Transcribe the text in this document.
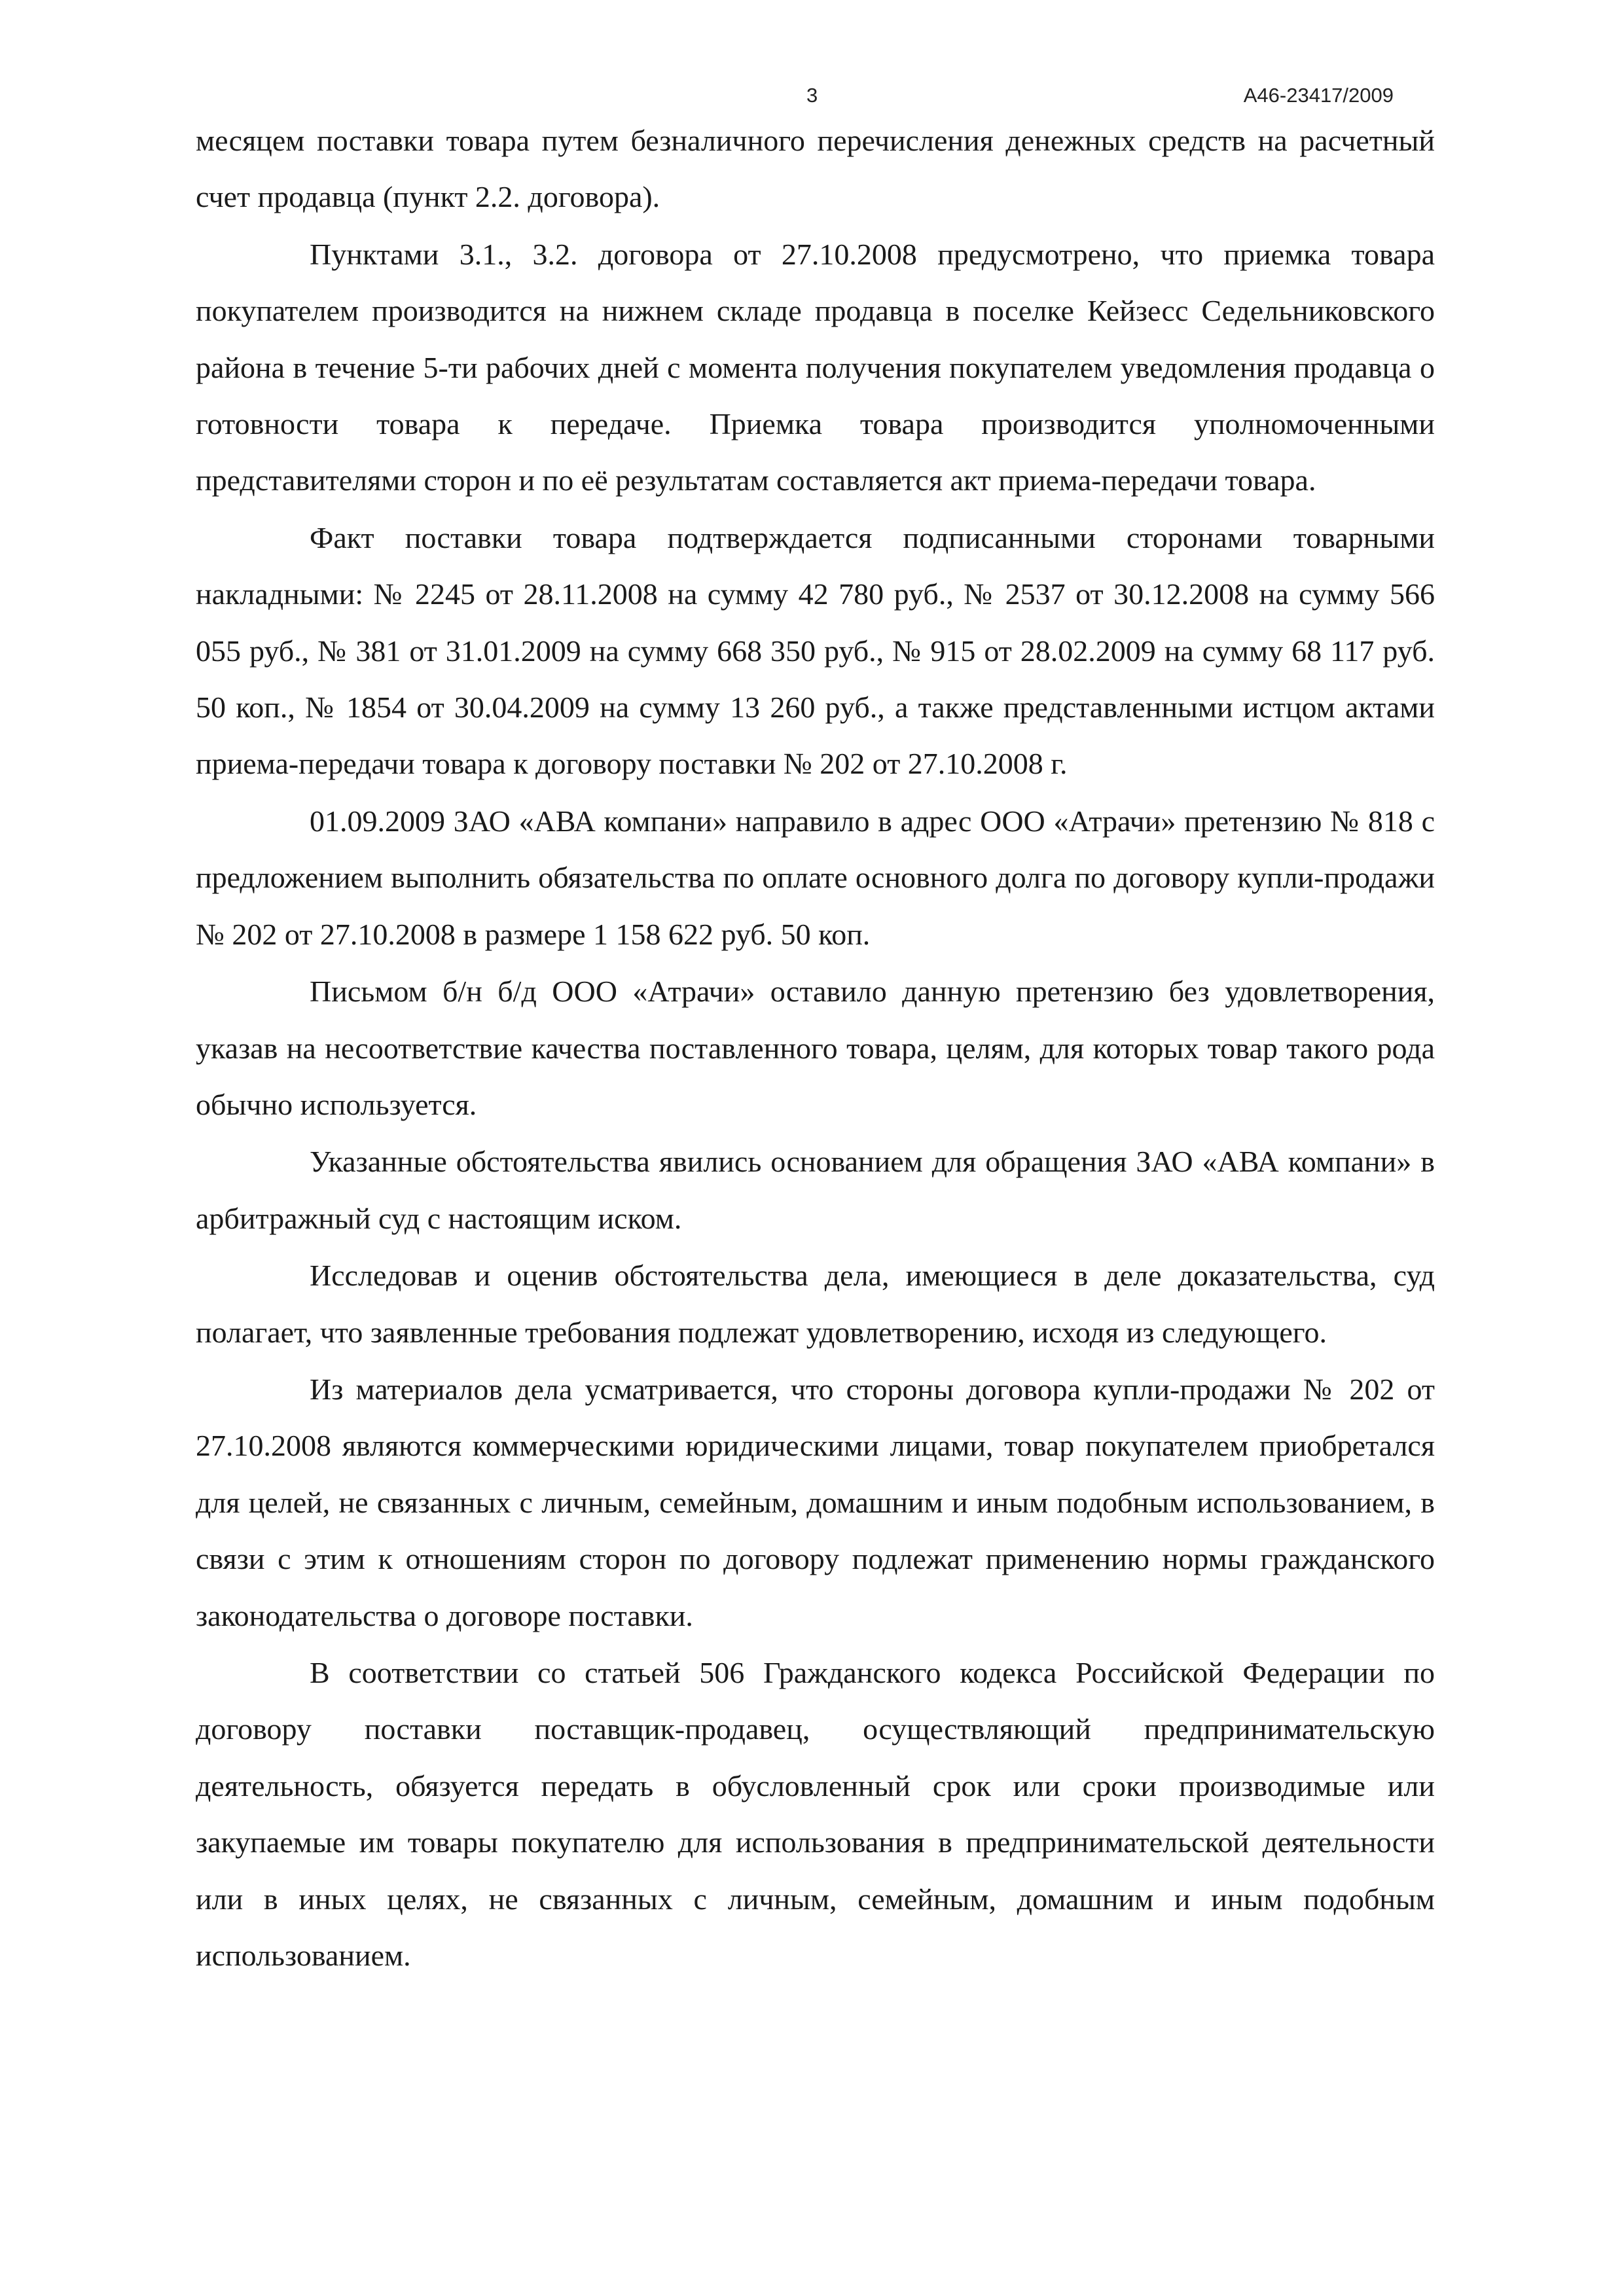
3	А46-23417/2009

месяцем поставки товара путем безналичного перечисления денежных средств на расчетный счет продавца (пункт 2.2. договора).

Пунктами 3.1., 3.2. договора от 27.10.2008 предусмотрено, что приемка товара покупателем производится на нижнем складе продавца в поселке Кейзесс Седельниковского района в течение 5-ти рабочих дней с момента получения покупателем уведомления продавца о готовности товара к передаче. Приемка товара производится уполномоченными представителями сторон и по её результатам составляется акт приема-передачи товара.

Факт поставки товара подтверждается подписанными сторонами товарными накладными: № 2245 от 28.11.2008 на сумму 42 780 руб., № 2537 от 30.12.2008 на сумму 566 055 руб., № 381 от 31.01.2009 на сумму 668 350 руб., № 915 от 28.02.2009 на сумму 68 117 руб. 50 коп., № 1854 от 30.04.2009 на сумму 13 260 руб., а также представленными истцом актами приема-передачи товара к договору поставки № 202 от 27.10.2008 г.

01.09.2009 ЗАО «АВА компани» направило в адрес ООО «Атрачи» претензию № 818 с предложением выполнить обязательства по оплате основного долга по договору купли-продажи № 202 от 27.10.2008 в размере 1 158 622 руб. 50 коп.

Письмом б/н б/д ООО «Атрачи» оставило данную претензию без удовлетворения, указав на несоответствие качества поставленного товара, целям, для которых товар такого рода обычно используется.

Указанные обстоятельства явились основанием для обращения ЗАО «АВА компани» в арбитражный суд с настоящим иском.

Исследовав и оценив обстоятельства дела, имеющиеся в деле доказательства, суд полагает, что заявленные требования подлежат удовлетворению, исходя из следующего.

Из материалов дела усматривается, что стороны договора купли-продажи № 202 от 27.10.2008 являются коммерческими юридическими лицами, товар покупателем приобретался для целей, не связанных с личным, семейным, домашним и иным подобным использованием, в связи с этим к отношениям сторон по договору подлежат применению нормы гражданского законодательства о договоре поставки.

В соответствии со статьей 506 Гражданского кодекса Российской Федерации по договору поставки поставщик-продавец, осуществляющий предпринимательскую деятельность, обязуется передать в обусловленный срок или сроки производимые или закупаемые им товары покупателю для использования в предпринимательской деятельности или в иных целях, не связанных с личным, семейным, домашним и иным подобным использованием.
